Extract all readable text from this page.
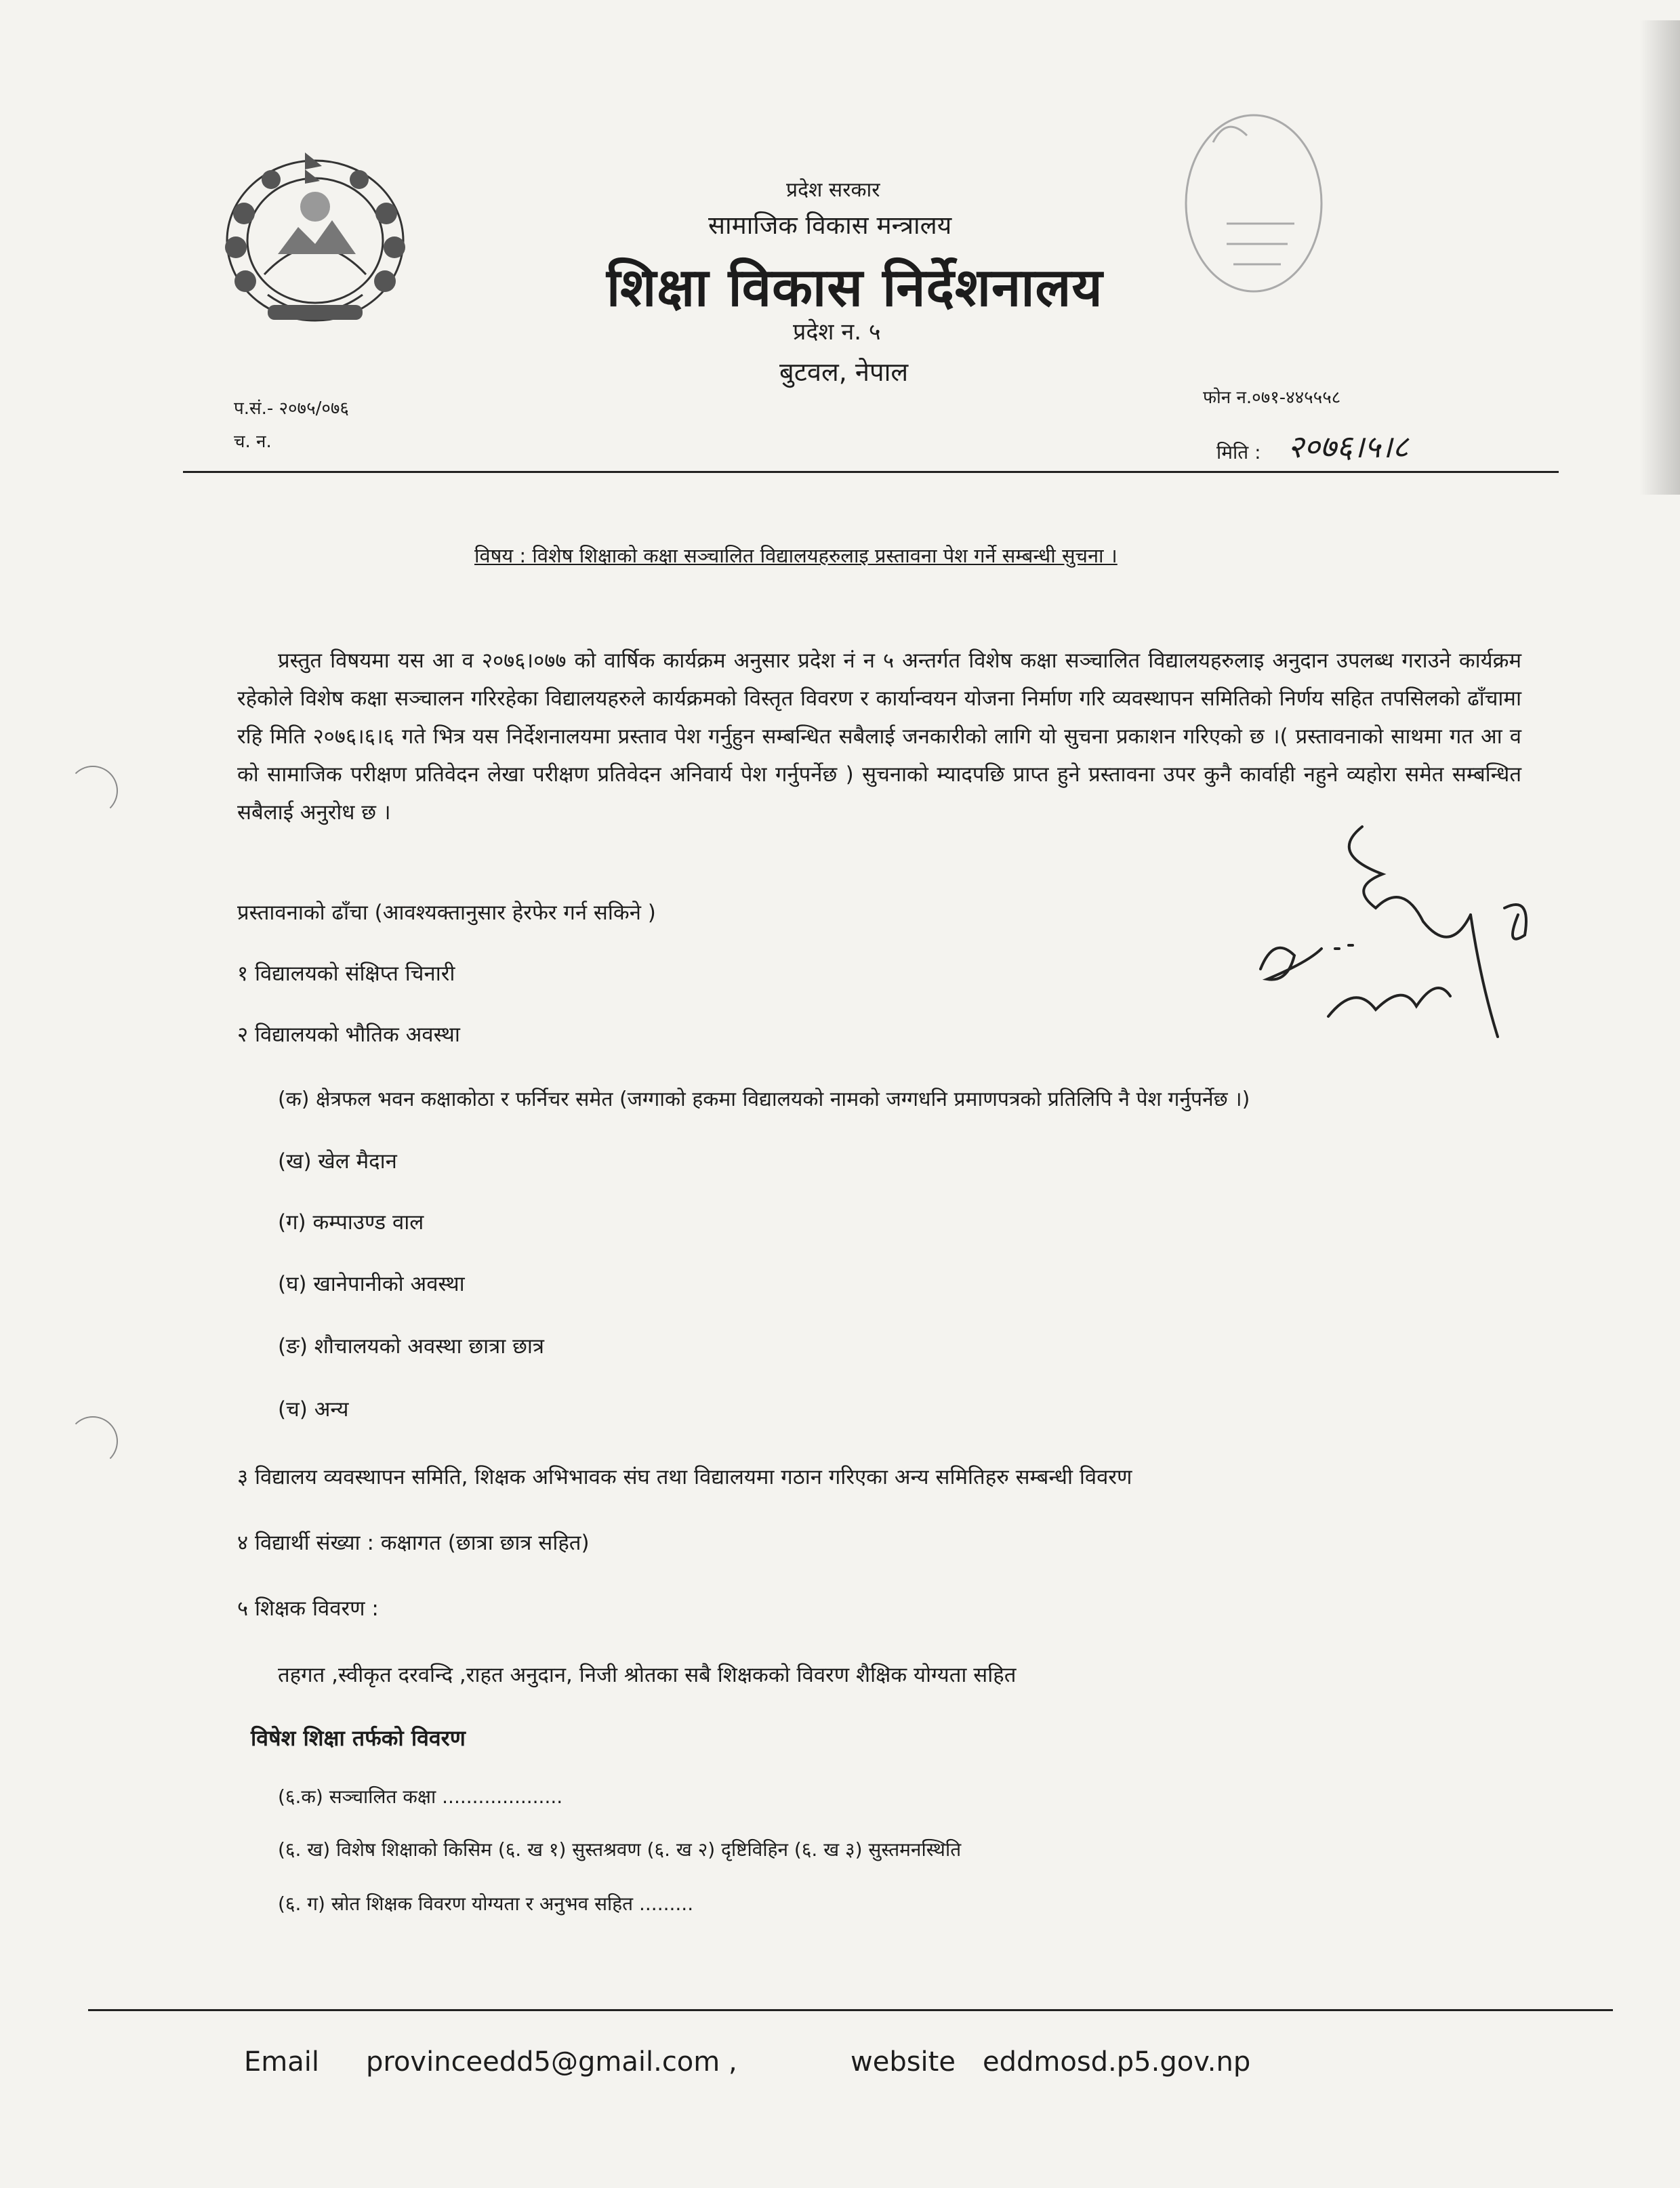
प्रदेश सरकार
सामाजिक विकास मन्त्रालय
शिक्षा विकास निर्देशनालय
प्रदेश न. ५
बुटवल, नेपाल
प.सं.- २०७५/०७६
च. न.
फोन न.०७१-४४५५५८
मिति : २०७६।५।८
विषय : विशेष शिक्षाको कक्षा सञ्चालित विद्यालयहरुलाइ प्रस्तावना पेश गर्ने सम्बन्धी सुचना ।
प्रस्तुत विषयमा यस आ व २०७६।०७७ को वार्षिक कार्यक्रम अनुसार प्रदेश नं न ५ अन्तर्गत विशेष कक्षा सञ्चालित विद्यालयहरुलाइ अनुदान उपलब्ध गराउने कार्यक्रम रहेकोले विशेष कक्षा सञ्चालन गरिरहेका विद्यालयहरुले कार्यक्रमको विस्तृत विवरण र कार्यान्वयन योजना निर्माण गरि व्यवस्थापन समितिको निर्णय सहित तपसिलको ढाँचामा रहि मिति २०७६।६।६ गते भित्र यस निर्देशनालयमा प्रस्ताव पेश गर्नुहुन सम्बन्धित सबैलाई जनकारीको लागि यो सुचना प्रकाशन गरिएको छ ।( प्रस्तावनाको साथमा गत आ व को सामाजिक परीक्षण प्रतिवेदन लेखा परीक्षण प्रतिवेदन अनिवार्य पेश गर्नुपर्नेछ ) सुचनाको म्यादपछि प्राप्त हुने प्रस्तावना उपर कुनै कार्वाही नहुने व्यहोरा समेत सम्बन्धित सबैलाई अनुरोध छ ।
प्रस्तावनाको ढाँचा (आवश्यक्तानुसार हेरफेर गर्न सकिने )
१ विद्यालयको संक्षिप्त चिनारी
२ विद्यालयको भौतिक अवस्था
(क) क्षेत्रफल भवन कक्षाकोठा र फर्निचर समेत (जग्गाको हकमा विद्यालयको नामको जग्गधनि प्रमाणपत्रको प्रतिलिपि नै पेश गर्नुपर्नेछ ।)
(ख) खेल मैदान
(ग) कम्पाउण्ड वाल
(घ) खानेपानीको अवस्था
(ङ) शौचालयको अवस्था छात्रा छात्र
(च) अन्य
३ विद्यालय व्यवस्थापन समिति, शिक्षक अभिभावक संघ तथा विद्यालयमा गठान गरिएका अन्य समितिहरु सम्बन्धी विवरण
४ विद्यार्थी संख्या : कक्षागत (छात्रा छात्र सहित)
५ शिक्षक विवरण :
तहगत ,स्वीकृत दरवन्दि ,राहत अनुदान, निजी श्रोतका सबै शिक्षकको विवरण शैक्षिक योग्यता सहित
विषेश शिक्षा तर्फको विवरण
(६.क) सञ्चालित कक्षा ....................
(६. ख) विशेष शिक्षाको किसिम (६. ख १) सुस्तश्रवण (६. ख २) दृष्टिविहिन (६. ख ३) सुस्तमनस्थिति
(६. ग) स्रोत शिक्षक विवरण योग्यता र अनुभव सहित .........
Email provinceedd5@gmail.com ,	website eddmosd.p5.gov.np
